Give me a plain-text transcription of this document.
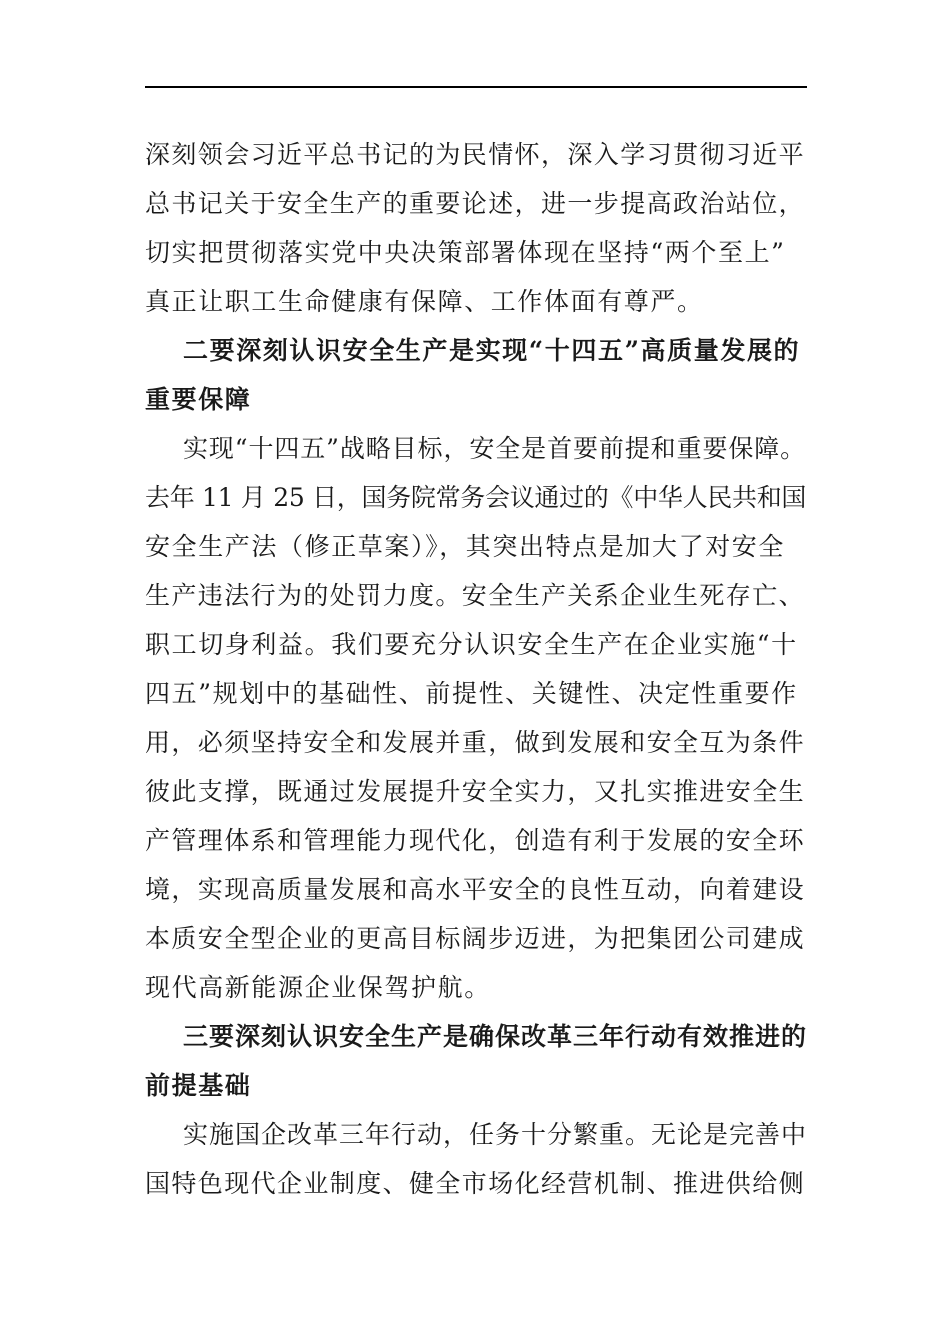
深刻领会习近平总书记的为民情怀，深入学习贯彻习近平
总书记关于安全生产的重要论述，进一步提高政治站位，
切实把贯彻落实党中央决策部署体现在坚持“两个至上”
真正让职工生命健康有保障、工作体面有尊严。
二要深刻认识安全生产是实现“十四五”高质量发展的
重要保障
实现“十四五”战略目标，安全是首要前提和重要保障。
去年 11 月 25 日，国务院常务会议通过的《中华人民共和国
安全生产法（修正草案）》，其突出特点是加大了对安全
生产违法行为的处罚力度。安全生产关系企业生死存亡、
职工切身利益。我们要充分认识安全生产在企业实施“十
四五”规划中的基础性、前提性、关键性、决定性重要作
用，必须坚持安全和发展并重，做到发展和安全互为条件
彼此支撑，既通过发展提升安全实力，又扎实推进安全生
产管理体系和管理能力现代化，创造有利于发展的安全环
境，实现高质量发展和高水平安全的良性互动，向着建设
本质安全型企业的更高目标阔步迈进，为把集团公司建成
现代高新能源企业保驾护航。
三要深刻认识安全生产是确保改革三年行动有效推进的
前提基础
实施国企改革三年行动，任务十分繁重。无论是完善中
国特色现代企业制度、健全市场化经营机制、推进供给侧
